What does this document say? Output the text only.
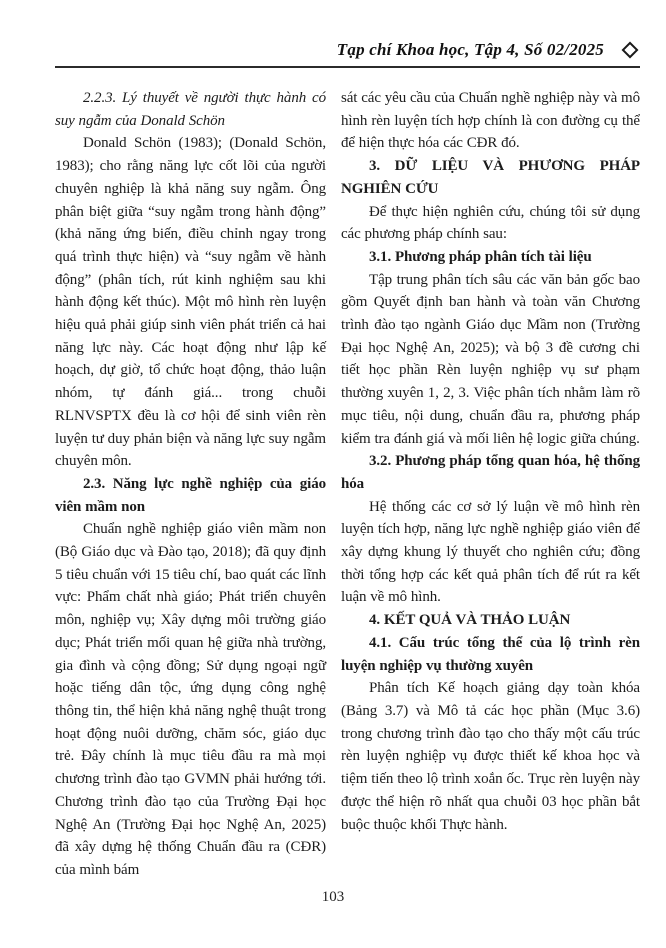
Tạp chí Khoa học, Tập 4, Số 02/2025

2.2.3. Lý thuyết về người thực hành có suy ngẫm của Donald Schön

Donald Schön (1983); (Donald Schön, 1983); cho rằng năng lực cốt lõi của người chuyên nghiệp là khả năng suy ngẫm. Ông phân biệt giữa “suy ngẫm trong hành động” (khả năng ứng biến, điều chỉnh ngay trong quá trình thực hiện) và “suy ngẫm về hành động” (phân tích, rút kinh nghiệm sau khi hành động kết thúc). Một mô hình rèn luyện hiệu quả phải giúp sinh viên phát triển cả hai năng lực này. Các hoạt động như lập kế hoạch, dự giờ, tổ chức hoạt động, thảo luận nhóm, tự đánh giá... trong chuỗi RLNVSPTX đều là cơ hội để sinh viên rèn luyện tư duy phản biện và năng lực suy ngẫm chuyên môn.

2.3. Năng lực nghề nghiệp của giáo viên mầm non

Chuẩn nghề nghiệp giáo viên mầm non (Bộ Giáo dục và Đào tạo, 2018); đã quy định 5 tiêu chuẩn với 15 tiêu chí, bao quát các lĩnh vực: Phẩm chất nhà giáo; Phát triển chuyên môn, nghiệp vụ; Xây dựng môi trường giáo dục; Phát triển mối quan hệ giữa nhà trường, gia đình và cộng đồng; Sử dụng ngoại ngữ hoặc tiếng dân tộc, ứng dụng công nghệ thông tin, thể hiện khả năng nghệ thuật trong hoạt động nuôi dưỡng, chăm sóc, giáo dục trẻ. Đây chính là mục tiêu đầu ra mà mọi chương trình đào tạo GVMN phải hướng tới. Chương trình đào tạo của Trường Đại học Nghệ An (Trường Đại học Nghệ An, 2025) đã xây dựng hệ thống Chuẩn đầu ra (CĐR) của mình bám

sát các yêu cầu của Chuẩn nghề nghiệp này và mô hình rèn luyện tích hợp chính là con đường cụ thể để hiện thực hóa các CĐR đó.

3. DỮ LIỆU VÀ PHƯƠNG PHÁP NGHIÊN CỨU

Để thực hiện nghiên cứu, chúng tôi sử dụng các phương pháp chính sau:

3.1. Phương pháp phân tích tài liệu

Tập trung phân tích sâu các văn bản gốc bao gồm Quyết định ban hành và toàn văn Chương trình đào tạo ngành Giáo dục Mầm non (Trường Đại học Nghệ An, 2025); và bộ 3 đề cương chi tiết học phần Rèn luyện nghiệp vụ sư phạm thường xuyên 1, 2, 3. Việc phân tích nhằm làm rõ mục tiêu, nội dung, chuẩn đầu ra, phương pháp kiểm tra đánh giá và mối liên hệ logic giữa chúng.

3.2. Phương pháp tổng quan hóa, hệ thống hóa

Hệ thống các cơ sở lý luận về mô hình rèn luyện tích hợp, năng lực nghề nghiệp giáo viên để xây dựng khung lý thuyết cho nghiên cứu; đồng thời tổng hợp các kết quả phân tích để rút ra kết luận về mô hình.

4. KẾT QUẢ VÀ THẢO LUẬN

4.1. Cấu trúc tổng thể của lộ trình rèn luyện nghiệp vụ thường xuyên

Phân tích Kế hoạch giảng dạy toàn khóa (Bảng 3.7) và Mô tả các học phần (Mục 3.6) trong chương trình đào tạo cho thấy một cấu trúc rèn luyện nghiệp vụ được thiết kế khoa học và tiệm tiến theo lộ trình xoắn ốc. Trục rèn luyện này được thể hiện rõ nhất qua chuỗi 03 học phần bắt buộc thuộc khối Thực hành.

103
